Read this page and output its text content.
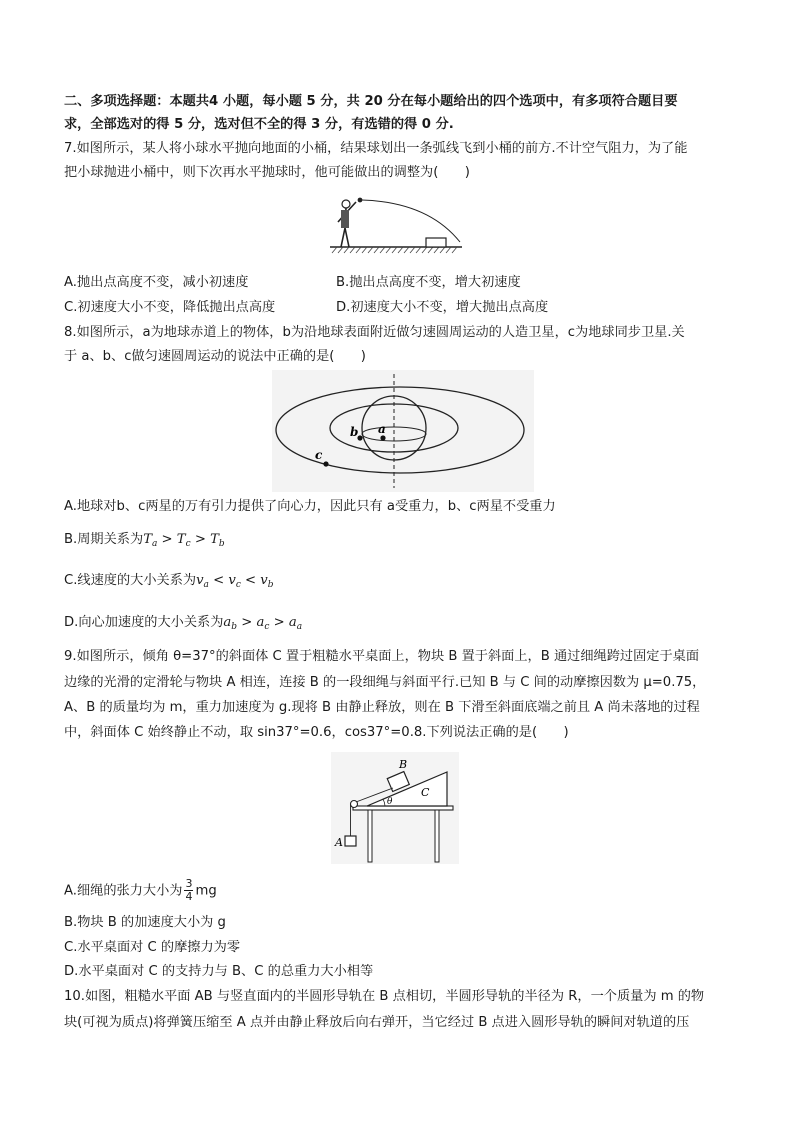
二、多项选择题：本题共4 小题，每小题 5 分，共 20 分在每小题给出的四个选项中，有多项符合题目要
求，全部选对的得 5 分，选对但不全的得 3 分，有选错的得 0 分.
7.如图所示，某人将小球水平抛向地面的小桶，结果球划出一条弧线飞到小桶的前方.不计空气阻力，为了能
把小球抛进小桶中，则下次再水平抛球时，他可能做出的调整为(　　)
A.抛出点高度不变，减小初速度	B.抛出点高度不变，增大初速度
C.初速度大小不变，降低抛出点高度	D.初速度大小不变，增大抛出点高度
8.如图所示，a为地球赤道上的物体，b为沿地球表面附近做匀速圆周运动的人造卫星，c为地球同步卫星.关
于 a、b、c做匀速圆周运动的说法中正确的是(　　)
a
b
c
A.地球对b、c两星的万有引力提供了向心力，因此只有 a受重力，b、c两星不受重力
B.周期关系为$T_a > T_c > T_b$
C.线速度的大小关系为$v_a < v_c < v_b$
D.向心加速度的大小关系为$a_b > a_c > a_a$
9.如图所示，倾角 θ=37°的斜面体 C 置于粗糙水平桌面上，物块 B 置于斜面上，B 通过细绳跨过固定于桌面
边缘的光滑的定滑轮与物块 A 相连，连接 B 的一段细绳与斜面平行.已知 B 与 C 间的动摩擦因数为 μ=0.75，
A、B 的质量均为 m，重力加速度为 g.现将 B 由静止释放，则在 B 下滑至斜面底端之前且 A 尚未落地的过程
中，斜面体 C 始终静止不动，取 sin37°=0.6，cos37°=0.8.下列说法正确的是(　　)
B
C
θ
A
A.细绳的张力大小为 $\frac{3}{4}$ mg
B.物块 B 的加速度大小为 g
C.水平桌面对 C 的摩擦力为零
D.水平桌面对 C 的支持力与 B、C 的总重力大小相等
10.如图，粗糙水平面 AB 与竖直面内的半圆形导轨在 B 点相切，半圆形导轨的半径为 R，一个质量为 m 的物
块(可视为质点)将弹簧压缩至 A 点并由静止释放后向右弹开，当它经过 B 点进入圆形导轨的瞬间对轨道的压
